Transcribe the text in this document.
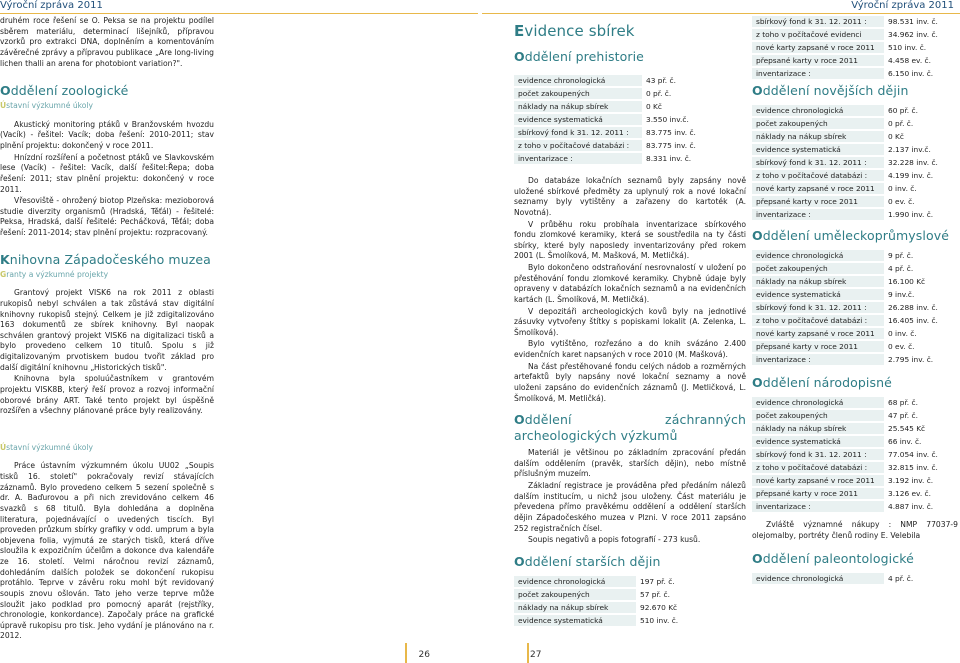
Výroční zpráva 2011	Výroční zpráva 2011

druhém roce řešení se O. Peksa se na projektu podílel sběrem materiálu, determinací lišejníků, přípravou vzorků pro extrakci DNA, doplněním a komentováním závěrečné zprávy a přípravou publikace „Are long-living lichen thalli an arena for photobiont variation?".

Oddělení zoologické
Ústavní výzkumné úkoly

Akustický monitoring ptáků v Branžovském hvozdu (Vacík) - řešitel: Vacík; doba řešení: 2010-2011; stav plnění projektu: dokončený v roce 2011.

Hnízdní rozšíření a početnost ptáků ve Slavkovském lese (Vacík) - řešitel: Vacík, další řešitel:Řepa; doba řešení: 2011; stav plnění projektu: dokončený v roce 2011.

Vřesoviště - ohrožený biotop Plzeňska: mezioborová studie diverzity organismů (Hradská, Těťál) - řešitelé: Peksa, Hradská, další řešitelé: Pecháčková, Těťál; doba řešení: 2011-2014; stav plnění projektu: rozpracovaný.

Knihovna Západočeského muzea
Granty a výzkumné projekty

Grantový projekt VISK6 na rok 2011 z oblasti rukopisů nebyl schválen a tak zůstává stav digitální knihovny rukopisů stejný. Celkem je již zdigitalizováno 163 dokumentů ze sbírek knihovny. Byl naopak schválen grantový projekt VISK6 na digitalizaci tisků a bylo provedeno celkem 10 titulů. Spolu s již digitalizovaným prvotiskem budou tvořit základ pro další digitální knihovnu „Historických tisků".

Knihovna byla spoluúčastníkem v grantovém projektu VISK8B, který řeší provoz a rozvoj informační oborové brány ART. Také tento projekt byl úspěšně rozšířen a všechny plánované práce byly realizovány.

Ústavní výzkumné úkoly

Práce ústavním výzkumném úkolu UU02 „Soupis tisků 16. století" pokračovaly revizí stávajících záznamů. Bylo provedeno celkem 5 sezení společně s dr. A. Baďurovou a při nich zrevidováno celkem 46 svazků s 68 titulů. Byla dohledána a doplněna literatura, pojednávající o uvedených tiscích. Byl proveden průzkum sbírky grafiky v odd. umprum a byla objevena folia, vyjmutá ze starých tisků, která dříve sloužila k expozičním účelům a dokonce dva kalendáře ze 16. století. Velmi náročnou revizí záznamů, dohledáním dalších položek se dokončení rukopisu protáhlo. Teprve v závěru roku mohl být revidovaný soupis znovu ošlován. Tato jeho verze teprve může sloužit jako podklad pro pomocný aparát (rejstříky, chronologie, konkordance). Započaly práce na grafické úpravě rukopisu pro tisk. Jeho vydání je plánováno na r. 2012.

26	27
Evidence sbírek
Oddělení prehistorie
evidence chronologická	43 př. č.
počet zakoupených	0 př. č.
náklady na nákup sbírek	0 Kč
evidence systematická	3.550 inv.č.
sbírkový fond k 31. 12. 2011 :	83.775 inv. č.
z toho v počítačové databázi :	83.775 inv. č.
inventarizace :	8.331 inv. č.

Do databáze lokačních seznamů byly zapsány nově uložené sbírkové předměty za uplynulý rok a nové lokační seznamy byly vytištěny a zařazeny do kartoték (A. Novotná).

V průběhu roku probíhala inventarizace sbírkového fondu zlomkové keramiky, která se soustředila na ty části sbírky, které byly naposledy inventarizovány před rokem 2001 (L. Šmolíková, M. Mašková, M. Metličká).

Bylo dokončeno odstraňování nesrovnalostí v uložení po přestěhování fondu zlomkové keramiky. Chybně údaje byly opraveny v databázích lokačních seznamů a na evidenčních kartách (L. Šmolíková, M. Metličká).

V depozitáři archeologických kovů byly na jednotlivé zásuvky vytvořeny štítky s popiskami lokalit (A. Zelenka, L. Šmolíková).

Bylo vytištěno, rozřezáno a do knih svázáno 2.400 evidenčních karet napsaných v roce 2010 (M. Mašková).

Na část přestěhované fondu celých nádob a rozměrných artefaktů byly napsány nové lokační seznamy a nově uloženi zapsáno do evidenčních záznamů (J. Metličková, L. Šmolíková, M. Metličká).

Oddělení záchranných archeologických výzkumů

Materiál je většinou po základním zpracování předán dalším oddělením (pravěk, starších dějin), nebo místně příslušným muzeím.

Základní registrace je prováděna před předáním nálezů dalším institucím, u nichž jsou uloženy. Část materiálu je převedena přímo pravěkému oddělení a oddělení starších dějin Západočeského muzea v Plzni. V roce 2011 zapsáno 252 registračních čísel.

Soupis negativů a popis fotografií - 273 kusů.

Oddělení starších dějin
evidence chronologická	197 př. č.
počet zakoupených	57 př. č.
náklady na nákup sbírek	92.670 Kč
evidence systematická	510 inv. č.
sbírkový fond k 31. 12. 2011 :	98.531 inv. č.
z toho v počítačové evidenci	34.962 inv. č.
nové karty zapsané v roce 2011	510 inv. č.
přepsané karty v roce 2011	4.458 ev. č.
inventarizace :	6.150 inv. č.
Oddělení novějších dějin
evidence chronologická	60 př. č.
počet zakoupených	0 př. č.
náklady na nákup sbírek	0 Kč
evidence systematická	2.137 inv.č.
sbírkový fond k 31. 12. 2011 :	32.228 inv. č.
z toho v počítačové databázi :	4.199 inv. č.
nové karty zapsané v roce 2011	0 inv. č.
přepsané karty v roce 2011	0 ev. č.
inventarizace :	1.990 inv. č.
Oddělení uměleckoprůmyslové
evidence chronologická	9 př. č.
počet zakoupených	4 př. č.
náklady na nákup sbírek	16.100 Kč
evidence systematická	9 inv.č.
sbírkový fond k 31. 12. 2011 :	26.288 inv. č.
z toho v počítačové databázi :	16.405 inv. č.
nové karty zapsané v roce 2011	0 inv. č.
přepsané karty v roce 2011	0 ev. č.
inventarizace :	2.795 inv. č.
Oddělení národopisné
evidence chronologická	68 př. č.
počet zakoupených	47 př. č.
náklady na nákup sbírek	25.545 Kč
evidence systematická	66 inv. č.
sbírkový fond k 31. 12. 2011 :	77.054 inv. č.
z toho v počítačové databázi :	32.815 inv. č.
nové karty zapsané v roce 2011	3.192 inv. č.
přepsané karty v roce 2011	3.126 ev. č.
inventarizace :	4.887 inv. č.

Zvláště významné nákupy : NMP 77037-9 olejomalby, portréty členů rodiny E. Velebila

Oddělení paleontologické
evidence chronologická	4 př. č.
